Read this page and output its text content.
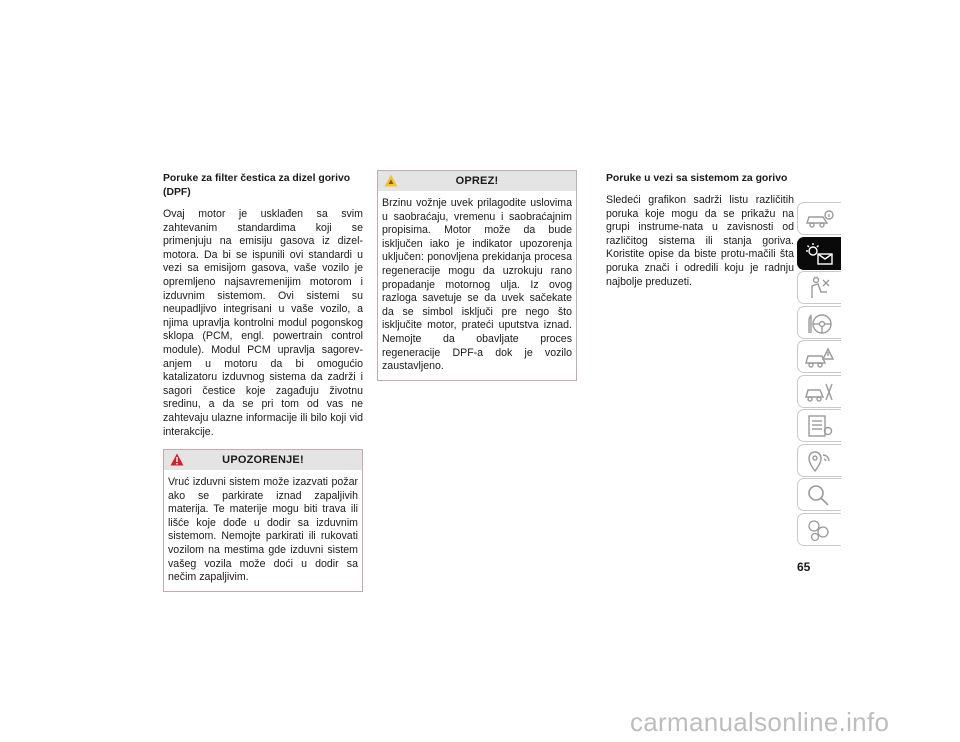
Poruke za filter čestica za dizel gorivo (DPF)

Ovaj motor je usklađen sa svim zahtevanim standardima koji se primenjuju na emisiju gasova iz dizel-motora. Da bi se ispunili ovi standardi u vezi sa emisijom gasova, vaše vozilo je opremljeno najsavremenijim motorom i izduvnim sistemom. Ovi sistemi su neupadljivo integrisani u vaše vozilo, a njima upravlja kontrolni modul pogonskog sklopa (PCM, engl. powertrain control module). Modul PCM upravlja sagorev-anjem u motoru da bi omogućio katalizatoru izduvnog sistema da zadrži i sagori čestice koje zagađuju životnu sredinu, a da se pri tom od vas ne zahtevaju ulazne informacije ili bilo koji vid interakcije.

UPOZORENJE!

Vruć izduvni sistem može izazvati požar ako se parkirate iznad zapaljivih materija. Te materije mogu biti trava ili lišće koje dođe u dodir sa izduvnim sistemom. Nemojte parkirati ili rukovati vozilom na mestima gde izduvni sistem vašeg vozila može doći u dodir sa nečim zapaljivim.

OPREZ!

Brzinu vožnje uvek prilagodite uslovima u saobraćaju, vremenu i saobraćajnim propisima. Motor može da bude isključen iako je indikator upozorenja uključen: ponovljena prekidanja procesa regeneracije mogu da uzrokuju rano propadanje motornog ulja. Iz ovog razloga savetuje se da uvek sačekate da se simbol isključi pre nego što isključite motor, prateći uputstva iznad. Nemojte da obavljate proces regeneracije DPF-a dok je vozilo zaustavljeno.

Poruke u vezi sa sistemom za gorivo

Sledeći grafikon sadrži listu različitih poruka koje mogu da se prikažu na grupi instrume-nata u zavisnosti od različitog sistema ili stanja goriva. Koristite opise da biste protu-mačili šta poruka znači i odredili koju je radnju najbolje preduzeti.

65
carmanualsonline.info
